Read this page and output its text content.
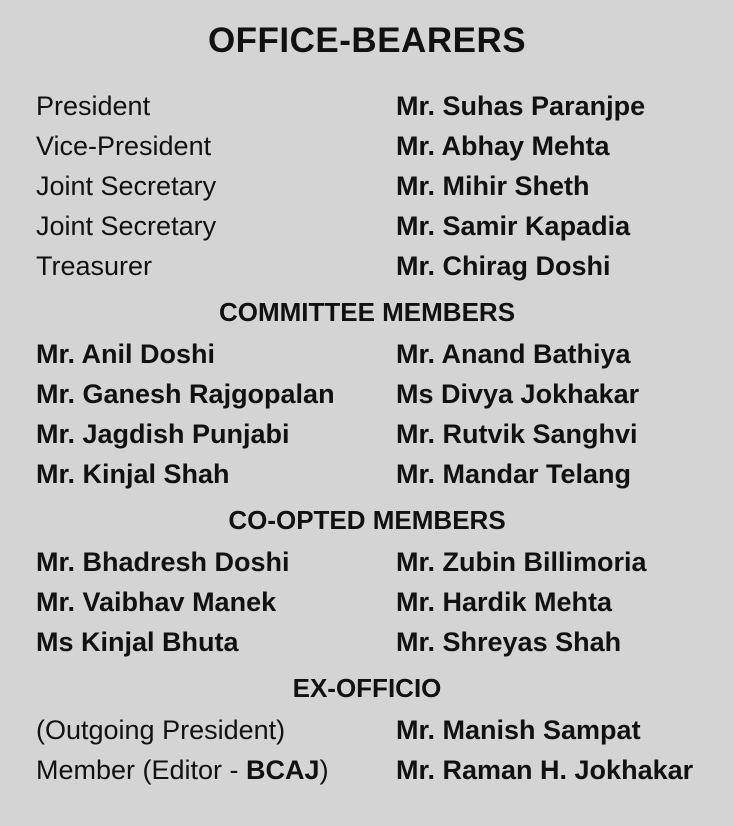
OFFICE-BEARERS
President	Mr. Suhas Paranjpe
Vice-President	Mr. Abhay Mehta
Joint Secretary	Mr. Mihir Sheth
Joint Secretary	Mr. Samir Kapadia
Treasurer	Mr. Chirag Doshi
COMMITTEE MEMBERS
Mr. Anil Doshi	Mr. Anand Bathiya
Mr. Ganesh Rajgopalan	Ms Divya Jokhakar
Mr. Jagdish Punjabi	Mr. Rutvik Sanghvi
Mr. Kinjal Shah	Mr. Mandar Telang
CO-OPTED MEMBERS
Mr. Bhadresh Doshi	Mr. Zubin Billimoria
Mr. Vaibhav Manek	Mr. Hardik Mehta
Ms Kinjal Bhuta	Mr. Shreyas Shah
EX-OFFICIO
(Outgoing President)	Mr. Manish Sampat
Member (Editor - BCAJ)	Mr. Raman H. Jokhakar
